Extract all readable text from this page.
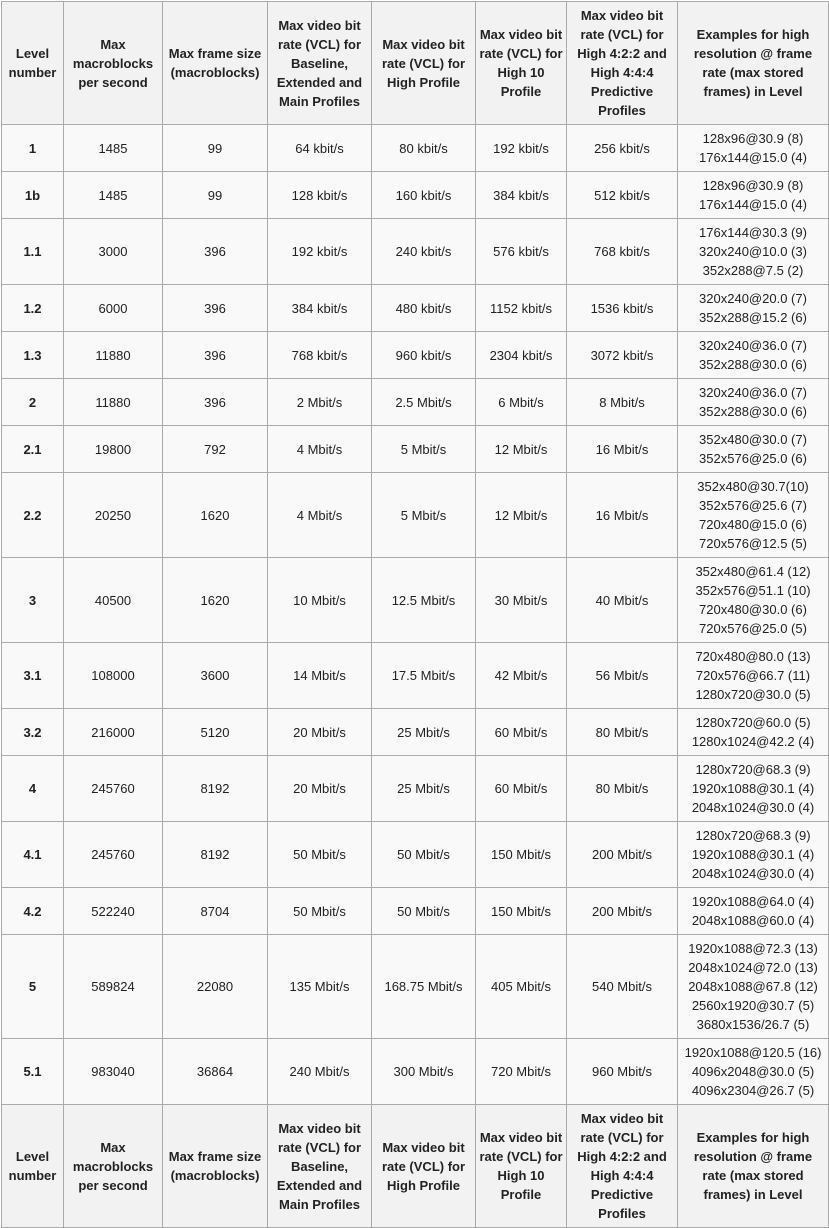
Level number	Max macroblocks per second	Max frame size (macroblocks)	Max video bit rate (VCL) for Baseline, Extended and Main Profiles	Max video bit rate (VCL) for High Profile	Max video bit rate (VCL) for High 10 Profile	Max video bit rate (VCL) for High 4:2:2 and High 4:4:4 Predictive Profiles	Examples for high resolution @ frame rate (max stored frames) in Level
1	1485	99	64 kbit/s	80 kbit/s	192 kbit/s	256 kbit/s	128x96@30.9 (8)
176x144@15.0 (4)

1b	1485	99	128 kbit/s	160 kbit/s	384 kbit/s	512 kbit/s	128x96@30.9 (8)
176x144@15.0 (4)

1.1	3000	396	192 kbit/s	240 kbit/s	576 kbit/s	768 kbit/s	176x144@30.3 (9)
320x240@10.0 (3)
352x288@7.5 (2)

1.2	6000	396	384 kbit/s	480 kbit/s	1152 kbit/s	1536 kbit/s	320x240@20.0 (7)
352x288@15.2 (6)

1.3	11880	396	768 kbit/s	960 kbit/s	2304 kbit/s	3072 kbit/s	320x240@36.0 (7)
352x288@30.0 (6)

2	11880	396	2 Mbit/s	2.5 Mbit/s	6 Mbit/s	8 Mbit/s	320x240@36.0 (7)
352x288@30.0 (6)

2.1	19800	792	4 Mbit/s	5 Mbit/s	12 Mbit/s	16 Mbit/s	352x480@30.0 (7)
352x576@25.0 (6)

2.2	20250	1620	4 Mbit/s	5 Mbit/s	12 Mbit/s	16 Mbit/s	352x480@30.7(10)
352x576@25.6 (7)
720x480@15.0 (6)
720x576@12.5 (5)

3	40500	1620	10 Mbit/s	12.5 Mbit/s	30 Mbit/s	40 Mbit/s	352x480@61.4 (12)
352x576@51.1 (10)
720x480@30.0 (6)
720x576@25.0 (5)

3.1	108000	3600	14 Mbit/s	17.5 Mbit/s	42 Mbit/s	56 Mbit/s	720x480@80.0 (13)
720x576@66.7 (11)
1280x720@30.0 (5)

3.2	216000	5120	20 Mbit/s	25 Mbit/s	60 Mbit/s	80 Mbit/s	1280x720@60.0 (5)
1280x1024@42.2 (4)

4	245760	8192	20 Mbit/s	25 Mbit/s	60 Mbit/s	80 Mbit/s	1280x720@68.3 (9)
1920x1088@30.1 (4)
2048x1024@30.0 (4)

4.1	245760	8192	50 Mbit/s	50 Mbit/s	150 Mbit/s	200 Mbit/s	1280x720@68.3 (9)
1920x1088@30.1 (4)
2048x1024@30.0 (4)

4.2	522240	8704	50 Mbit/s	50 Mbit/s	150 Mbit/s	200 Mbit/s	1920x1088@64.0 (4)
2048x1088@60.0 (4)

5	589824	22080	135 Mbit/s	168.75 Mbit/s	405 Mbit/s	540 Mbit/s	1920x1088@72.3 (13)
2048x1024@72.0 (13)
2048x1088@67.8 (12)
2560x1920@30.7 (5)
3680x1536/26.7 (5)

5.1	983040	36864	240 Mbit/s	300 Mbit/s	720 Mbit/s	960 Mbit/s	1920x1088@120.5 (16)
4096x2048@30.0 (5)
4096x2304@26.7 (5)

Level number	Max macroblocks per second	Max frame size (macroblocks)	Max video bit rate (VCL) for Baseline, Extended and Main Profiles	Max video bit rate (VCL) for High Profile	Max video bit rate (VCL) for High 10 Profile	Max video bit rate (VCL) for High 4:2:2 and High 4:4:4 Predictive Profiles	Examples for high resolution @ frame rate (max stored frames) in Level
